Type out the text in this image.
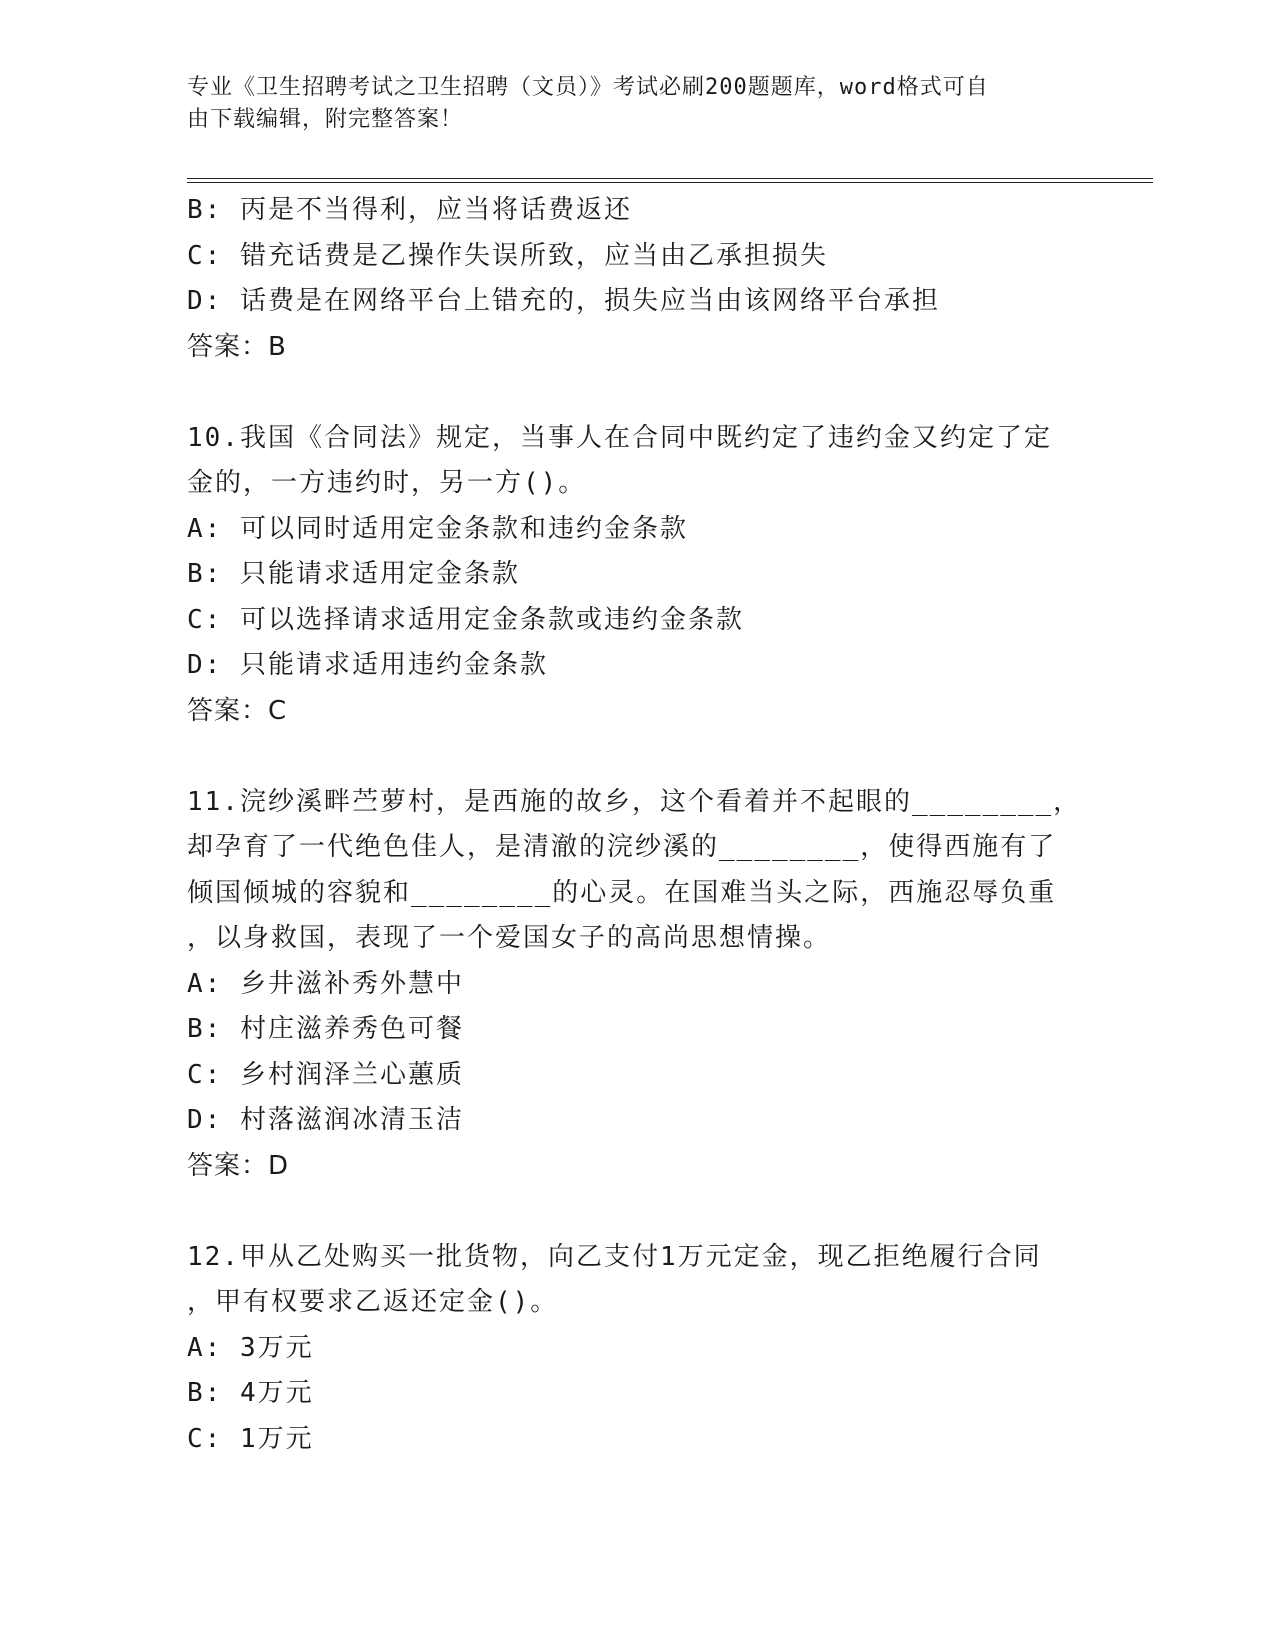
专业《卫生招聘考试之卫生招聘（文员）》考试必刷200题题库，word格式可自
由下载编辑，附完整答案！
B: 丙是不当得利，应当将话费返还
C: 错充话费是乙操作失误所致，应当由乙承担损失
D: 话费是在网络平台上错充的，损失应当由该网络平台承担
答案：B
10.我国《合同法》规定，当事人在合同中既约定了违约金又约定了定
金的，一方违约时，另一方()。
A: 可以同时适用定金条款和违约金条款
B: 只能请求适用定金条款
C: 可以选择请求适用定金条款或违约金条款
D: 只能请求适用违约金条款
答案：C
11.浣纱溪畔苎萝村，是西施的故乡，这个看着并不起眼的________，
却孕育了一代绝色佳人，是清澈的浣纱溪的________，使得西施有了
倾国倾城的容貌和________的心灵。在国难当头之际，西施忍辱负重
，以身救国，表现了一个爱国女子的高尚思想情操。
A: 乡井滋补秀外慧中
B: 村庄滋养秀色可餐
C: 乡村润泽兰心蕙质
D: 村落滋润冰清玉洁
答案：D
12.甲从乙处购买一批货物，向乙支付1万元定金，现乙拒绝履行合同
，甲有权要求乙返还定金()。
A: 3万元
B: 4万元
C: 1万元
